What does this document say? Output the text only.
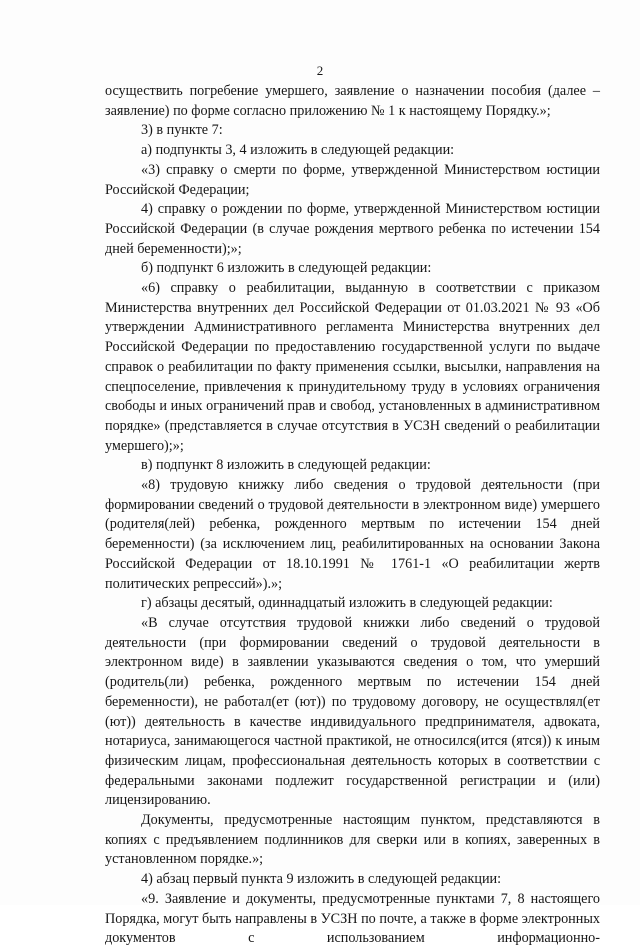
2

осуществить погребение умершего, заявление о назначении пособия (далее – заявление) по форме согласно приложению № 1 к настоящему Порядку.»;

3) в пункте 7:

а) подпункты 3, 4 изложить в следующей редакции:

«3) справку о смерти по форме, утвержденной Министерством юстиции Российской Федерации;

4) справку о рождении по форме, утвержденной Министерством юстиции Российской Федерации (в случае рождения мертвого ребенка по истечении 154 дней беременности);»;

б) подпункт 6 изложить в следующей редакции:

«6) справку о реабилитации, выданную в соответствии с приказом Министерства внутренних дел Российской Федерации от 01.03.2021 № 93 «Об утверждении Административного регламента Министерства внутренних дел Российской Федерации по предоставлению государственной услуги по выдаче справок о реабилитации по факту применения ссылки, высылки, направления на спецпоселение, привлечения к принудительному труду в условиях ограничения свободы и иных ограничений прав и свобод, установленных в административном порядке» (представляется в случае отсутствия в УСЗН сведений о реабилитации умершего);»;

в) подпункт 8 изложить в следующей редакции:

«8) трудовую книжку либо сведения о трудовой деятельности (при формировании сведений о трудовой деятельности в электронном виде) умершего (родителя(лей) ребенка, рожденного мертвым по истечении 154 дней беременности) (за исключением лиц, реабилитированных на основании Закона Российской Федерации от 18.10.1991 № 1761-1 «О реабилитации жертв политических репрессий»).»;

г) абзацы десятый, одиннадцатый изложить в следующей редакции:

«В случае отсутствия трудовой книжки либо сведений о трудовой деятельности (при формировании сведений о трудовой деятельности в электронном виде) в заявлении указываются сведения о том, что умерший (родитель(ли) ребенка, рожденного мертвым по истечении 154 дней беременности), не работал(ет (ют)) по трудовому договору, не осуществлял(ет (ют)) деятельность в качестве индивидуального предпринимателя, адвоката, нотариуса, занимающегося частной практикой, не относился(ится (ятся)) к иным физическим лицам, профессиональная деятельность которых в соответствии с федеральными законами подлежит государственной регистрации и (или) лицензированию.

Документы, предусмотренные настоящим пунктом, представляются в копиях с предъявлением подлинников для сверки или в копиях, заверенных в установленном порядке.»;

4) абзац первый пункта 9 изложить в следующей редакции:

«9. Заявление и документы, предусмотренные пунктами 7, 8 настоящего Порядка, могут быть направлены в УСЗН по почте, а также в форме электронных документов с использованием информационно-
